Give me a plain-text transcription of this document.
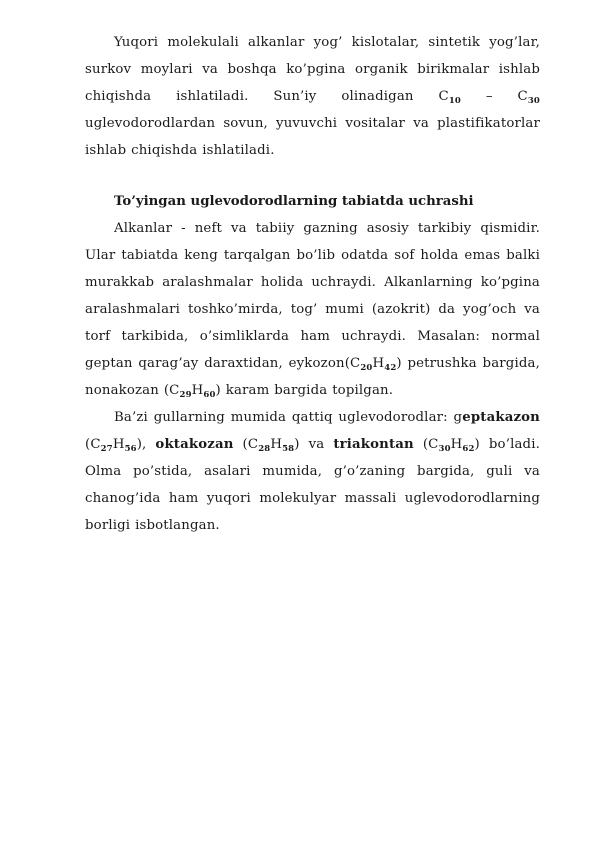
Yuqori molekulali alkanlar yog’ kislotalar, sintetik yog’lar, surkov moylari va boshqa ko’pgina organik birikmalar ishlab chiqishda ishlatiladi. Sun’iy olinadigan $C_{10} - C_{30}$ uglevodorodlardan sovun, yuvuvchi vositalar va plastifikatorlar ishlab chiqishda ishlatiladi.

To’yingan uglevodorodlarning tabiatda uchrashi

Alkanlar - neft va tabiiy gazning asosiy tarkibiy qismidir. Ular tabiatda keng tarqalgan bo’lib odatda sof holda emas balki murakkab aralashmalar holida uchraydi. Alkanlarning ko’pgina aralashmalari toshko’mirda, tog’ mumi (azokrit) da yog’och va torf tarkibida, o’simliklarda ham uchraydi. Masalan: normal geptan qarag’ay daraxtidan, $eykozon(C_{20}H_{42})$ petrushka bargida, nonakozan $(C_{29}H_{60})$ karam bargida topilgan.

Ba’zi gullarning mumida qattiq uglevodorodlar: geptakazon $(C_{27}H_{56})$, oktakozan $(C_{28}H_{58})$ va triakontan $(C_{30}H_{62})$ bo’ladi. Olma po’stida, asalari mumida, g’o’zaning bargida, guli va chanog’ida ham yuqori molekulyar massali uglevodorodlarning borligi isbotlangan.
